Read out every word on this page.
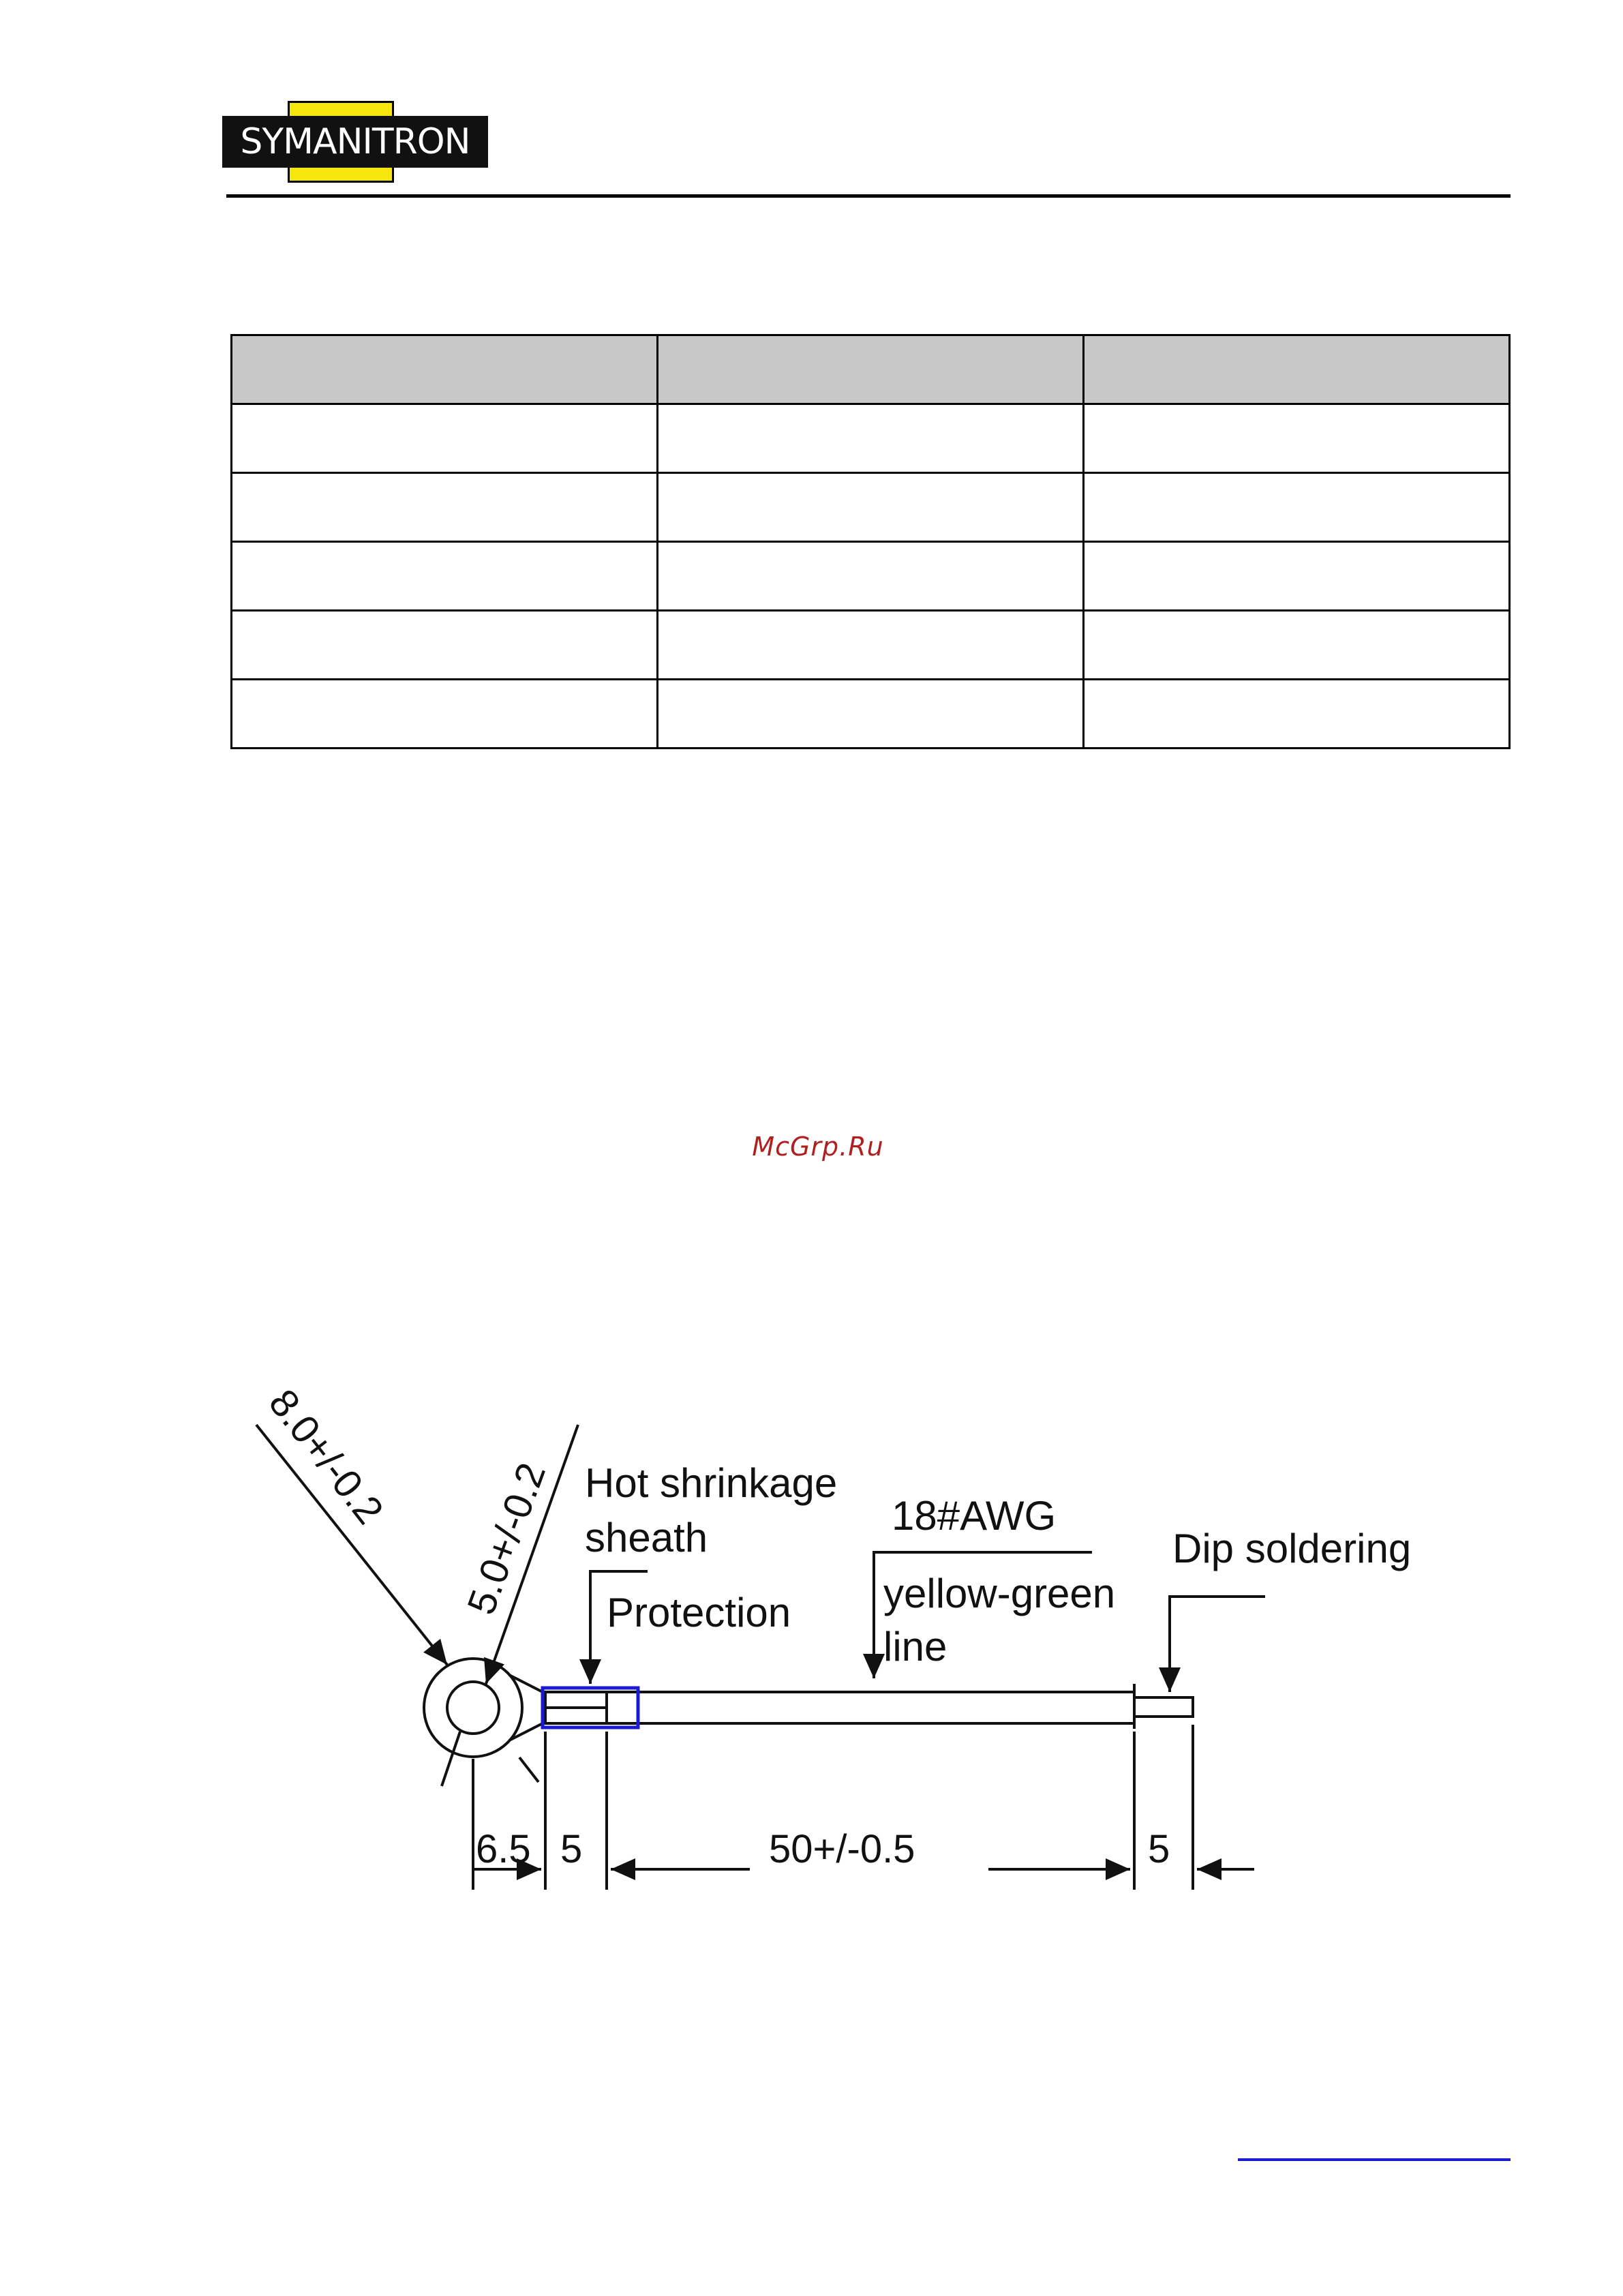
SYMANITRON

McGrp.Ru
8.0+/-0.2
5.0+/-0.2 Hot shrinkage
sheath
Protection
18#AWG
yellow-green
line
Dip soldering
6.5 5	50+/-0.5	5
